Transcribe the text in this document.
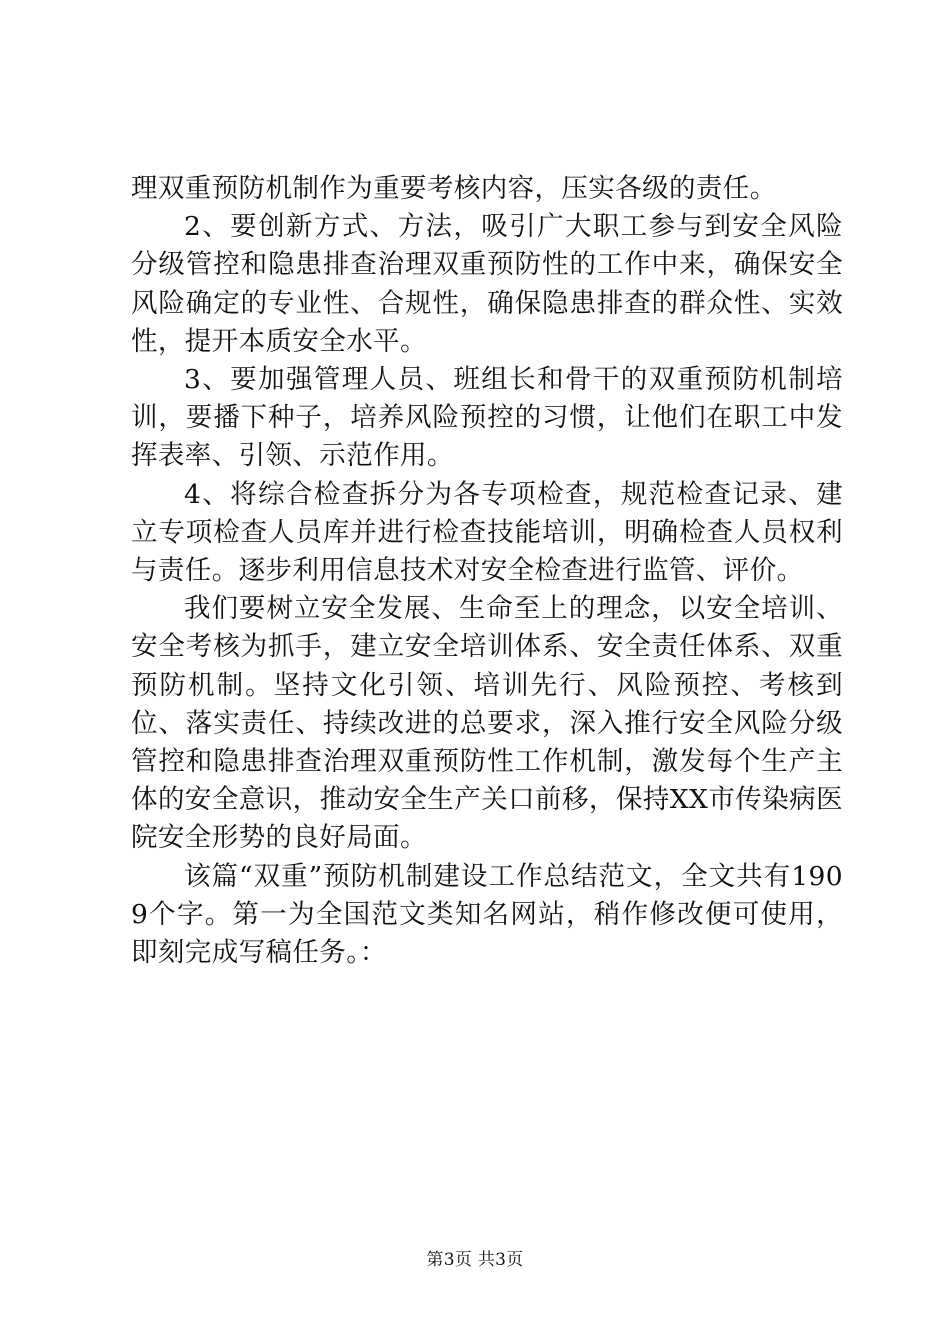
理双重预防机制作为重要考核内容，压实各级的责任。

2、要创新方式、方法，吸引广大职工参与到安全风险分级管控和隐患排查治理双重预防性的工作中来，确保安全风险确定的专业性、合规性，确保隐患排查的群众性、实效性，提开本质安全水平。

3、要加强管理人员、班组长和骨干的双重预防机制培训，要播下种子，培养风险预控的习惯，让他们在职工中发挥表率、引领、示范作用。

4、将综合检查拆分为各专项检查，规范检查记录、建立专项检查人员库并进行检查技能培训，明确检查人员权利与责任。逐步利用信息技术对安全检查进行监管、评价。

我们要树立安全发展、生命至上的理念，以安全培训、安全考核为抓手，建立安全培训体系、安全责任体系、双重预防机制。坚持文化引领、培训先行、风险预控、考核到位、落实责任、持续改进的总要求，深入推行安全风险分级管控和隐患排查治理双重预防性工作机制，激发每个生产主体的安全意识，推动安全生产关口前移，保持XX市传染病医院安全形势的良好局面。

该篇“双重”预防机制建设工作总结范文，全文共有1909个字。第一为全国范文类知名网站，稍作修改便可使用，即刻完成写稿任务。：

第3页 共3页
